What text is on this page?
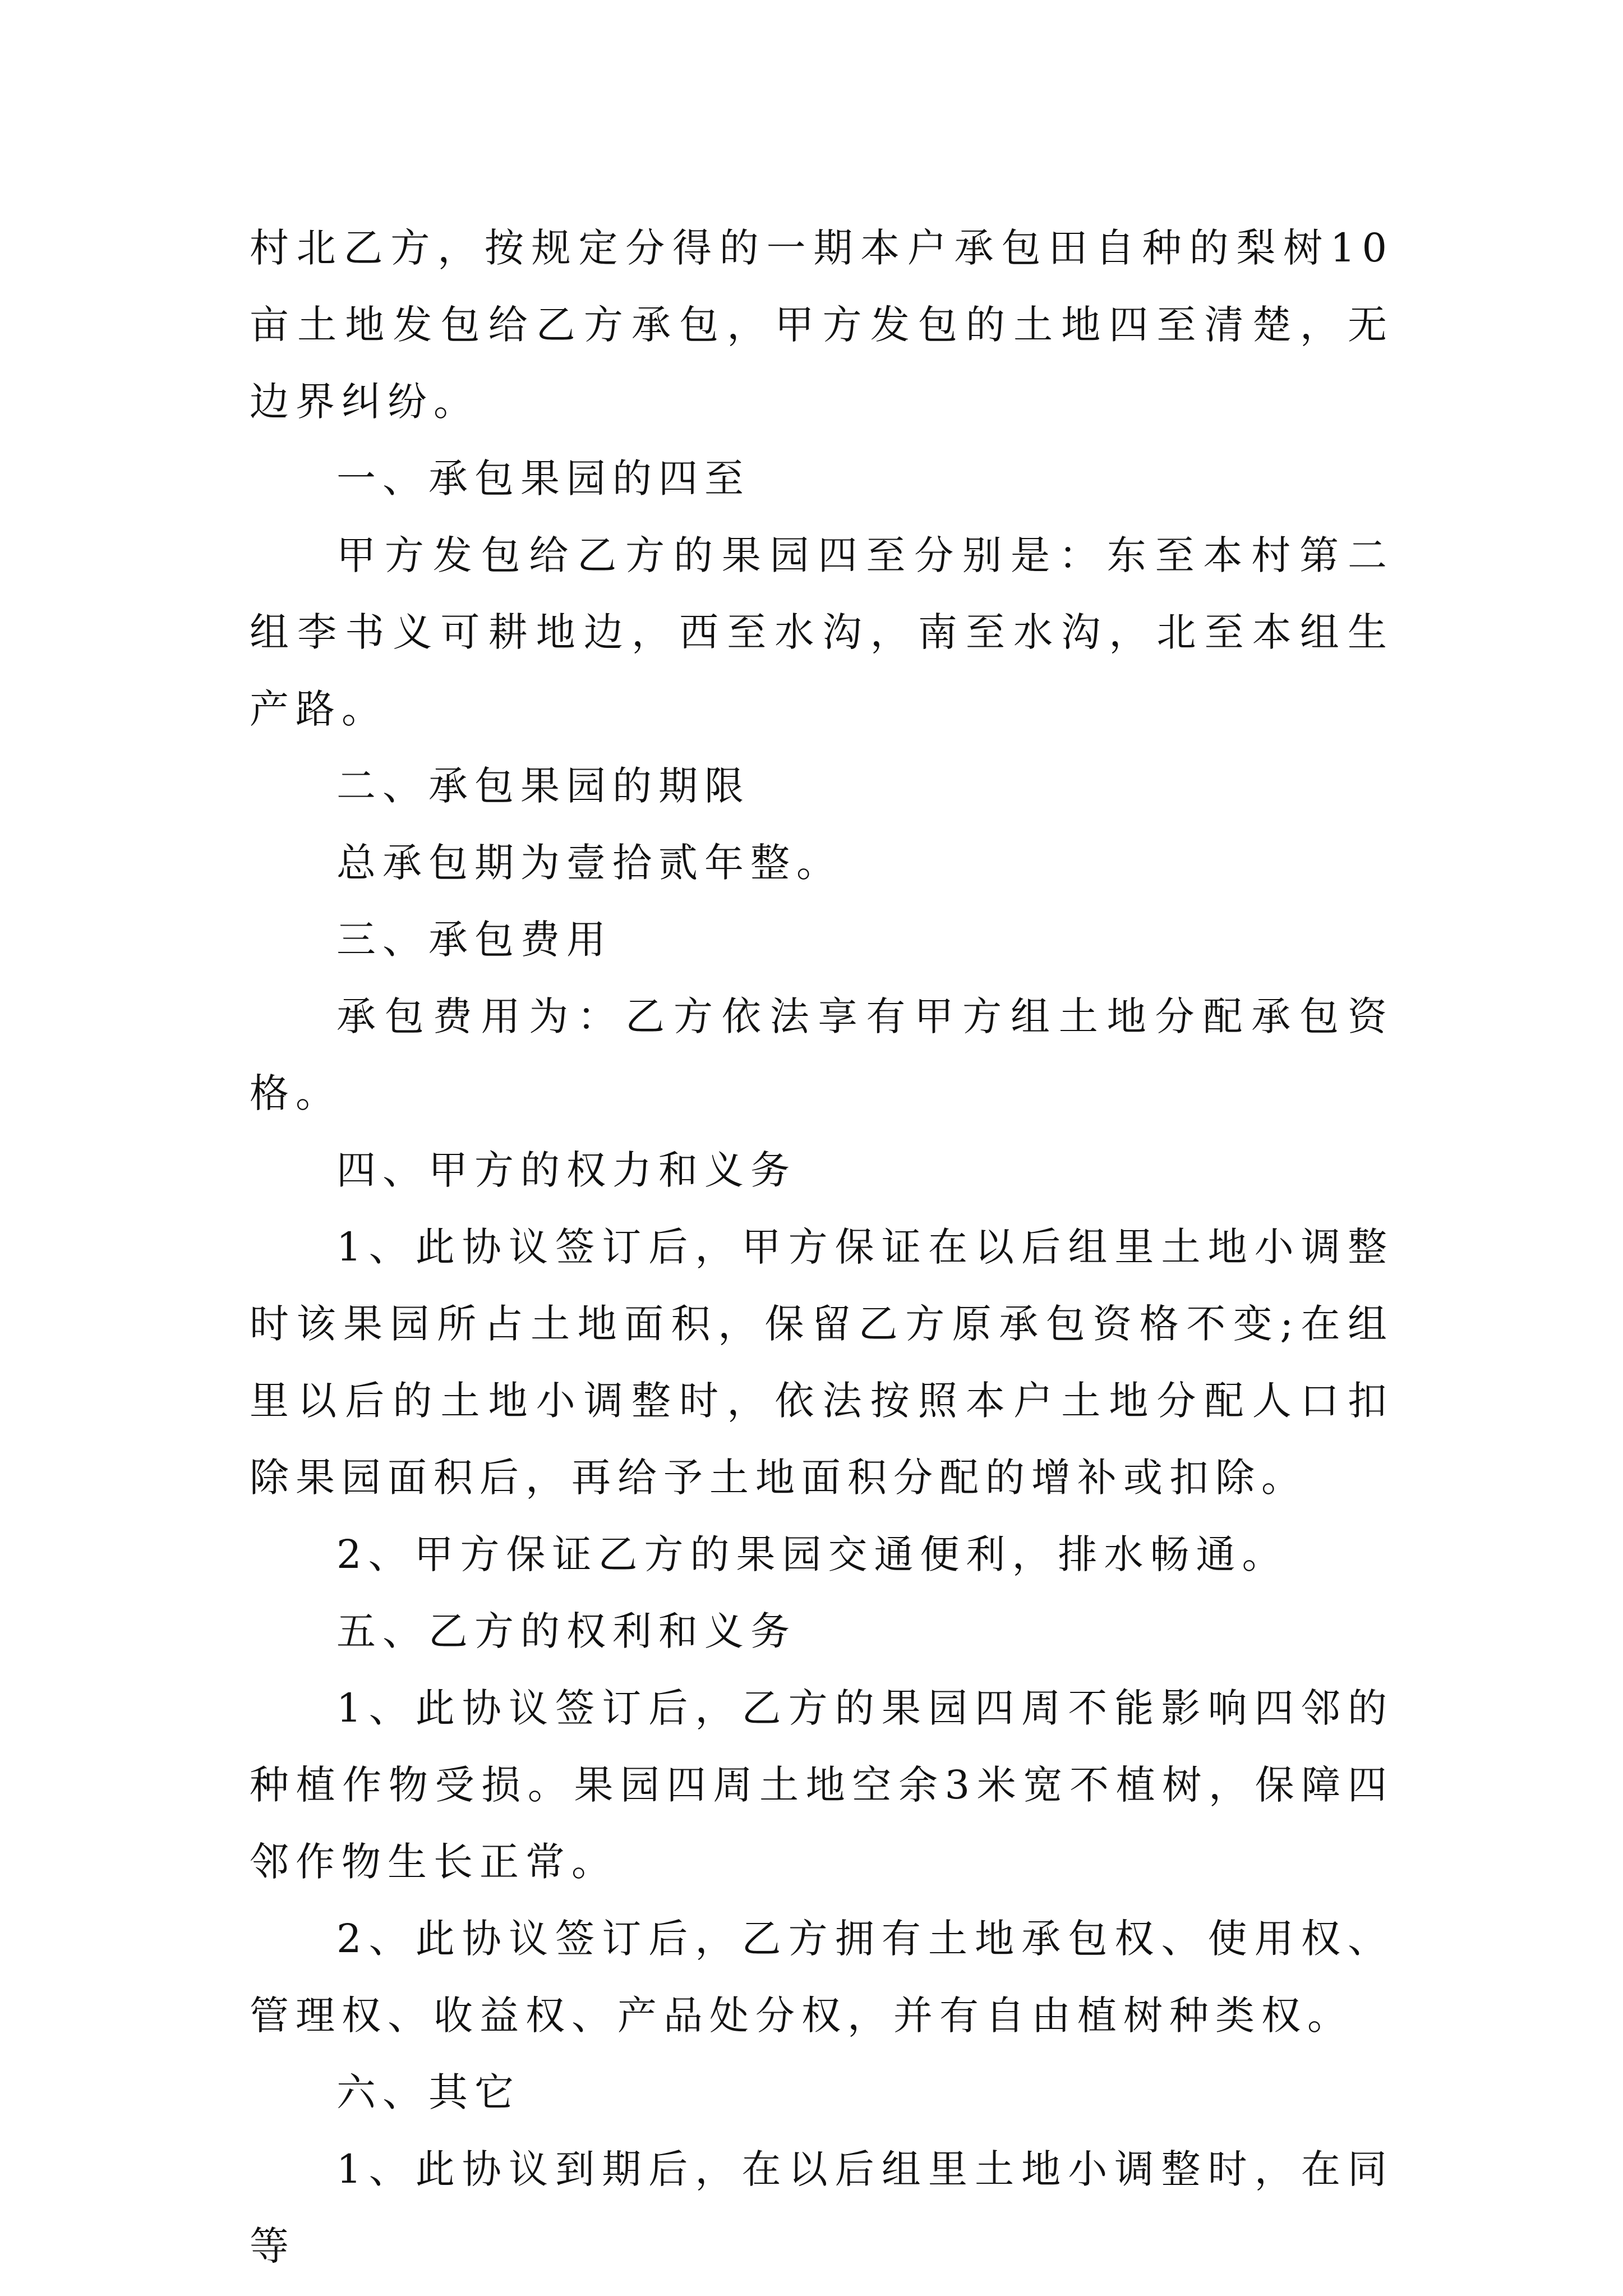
村北乙方，按规定分得的一期本户承包田自种的梨树10亩土地发包给乙方承包，甲方发包的土地四至清楚，无边界纠纷。

一、承包果园的四至

甲方发包给乙方的果园四至分别是：东至本村第二组李书义可耕地边，西至水沟，南至水沟，北至本组生产路。

二、承包果园的期限

总承包期为壹拾贰年整。

三、承包费用

承包费用为：乙方依法享有甲方组土地分配承包资格。

四、甲方的权力和义务

1、此协议签订后，甲方保证在以后组里土地小调整时该果园所占土地面积，保留乙方原承包资格不变;在组里以后的土地小调整时，依法按照本户土地分配人口扣除果园面积后，再给予土地面积分配的增补或扣除。

2、甲方保证乙方的果园交通便利，排水畅通。

五、乙方的权利和义务

1、此协议签订后，乙方的果园四周不能影响四邻的种植作物受损。果园四周土地空余3米宽不植树，保障四邻作物生长正常。

2、此协议签订后，乙方拥有土地承包权、使用权、管理权、收益权、产品处分权，并有自由植树种类权。

六、其它

1、此协议到期后，在以后组里土地小调整时，在同等
